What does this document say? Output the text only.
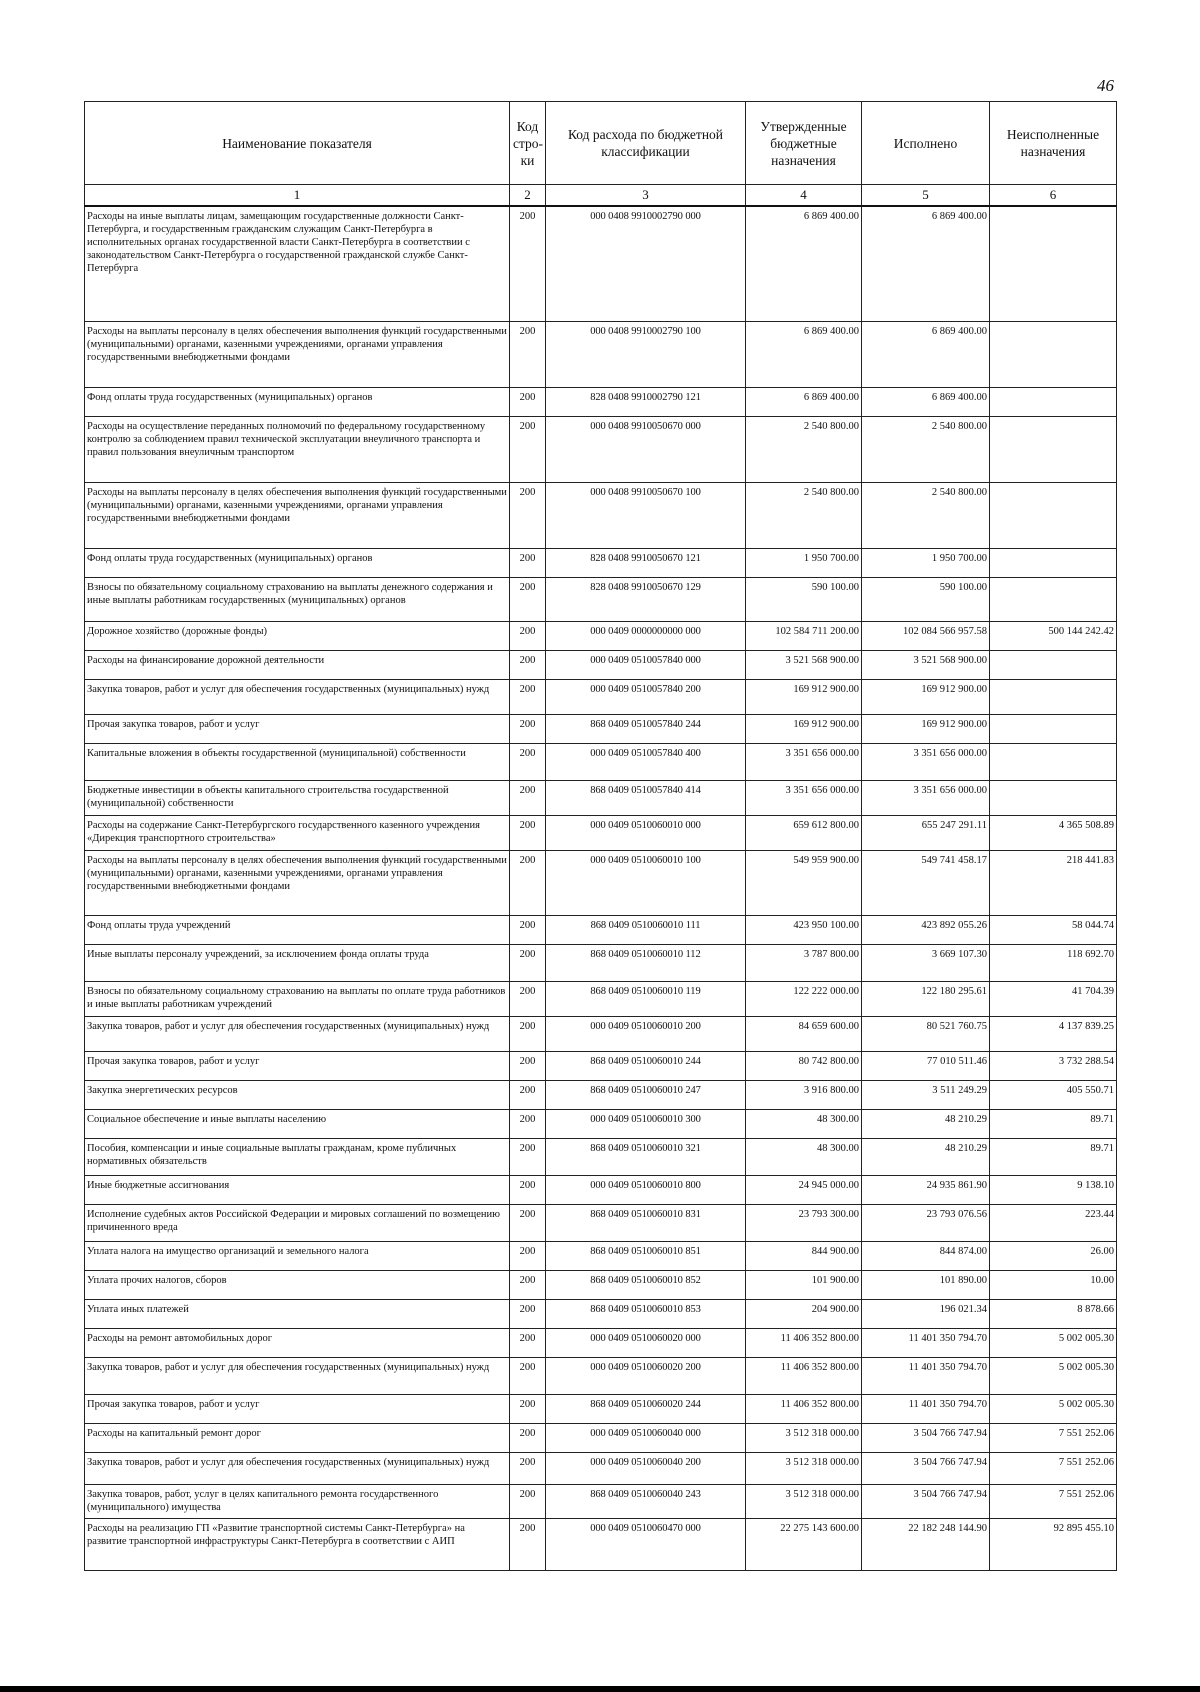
46
Наименование показателя	Код стро-ки	Код расхода по бюджетной классификации	Утвержденные бюджетные назначения	Исполнено	Неисполненные назначения
1	2	3	4	5	6
Расходы на иные выплаты лицам, замещающим государственные должности Санкт-Петербурга, и государственным гражданским служащим Санкт-Петербурга в исполнительных органах государственной власти Санкт-Петербурга в соответствии с законодательством Санкт-Петербурга о государственной гражданской службе Санкт-Петербурга	200	000 0408 9910002790 000	6 869 400.00	6 869 400.00	
Расходы на выплаты персоналу в целях обеспечения выполнения функций государственными (муниципальными) органами, казенными учреждениями, органами управления государственными внебюджетными фондами	200	000 0408 9910002790 100	6 869 400.00	6 869 400.00	
Фонд оплаты труда государственных (муниципальных) органов	200	828 0408 9910002790 121	6 869 400.00	6 869 400.00	
Расходы на осуществление переданных полномочий по федеральному государственному контролю за соблюдением правил технической эксплуатации внеуличного транспорта и правил пользования внеуличным транспортом	200	000 0408 9910050670 000	2 540 800.00	2 540 800.00	
Расходы на выплаты персоналу в целях обеспечения выполнения функций государственными (муниципальными) органами, казенными учреждениями, органами управления государственными внебюджетными фондами	200	000 0408 9910050670 100	2 540 800.00	2 540 800.00	
Фонд оплаты труда государственных (муниципальных) органов	200	828 0408 9910050670 121	1 950 700.00	1 950 700.00	
Взносы по обязательному социальному страхованию на выплаты денежного содержания и иные выплаты работникам государственных (муниципальных) органов	200	828 0408 9910050670 129	590 100.00	590 100.00	
Дорожное хозяйство (дорожные фонды)	200	000 0409 0000000000 000	102 584 711 200.00	102 084 566 957.58	500 144 242.42
Расходы на финансирование дорожной деятельности	200	000 0409 0510057840 000	3 521 568 900.00	3 521 568 900.00	
Закупка товаров, работ и услуг для обеспечения государственных (муниципальных) нужд	200	000 0409 0510057840 200	169 912 900.00	169 912 900.00	
Прочая закупка товаров, работ и услуг	200	868 0409 0510057840 244	169 912 900.00	169 912 900.00	
Капитальные вложения в объекты государственной (муниципальной) собственности	200	000 0409 0510057840 400	3 351 656 000.00	3 351 656 000.00	
Бюджетные инвестиции в объекты капитального строительства государственной (муниципальной) собственности	200	868 0409 0510057840 414	3 351 656 000.00	3 351 656 000.00	
Расходы на содержание Санкт-Петербургского государственного казенного учреждения «Дирекция транспортного строительства»	200	000 0409 0510060010 000	659 612 800.00	655 247 291.11	4 365 508.89
Расходы на выплаты персоналу в целях обеспечения выполнения функций государственными (муниципальными) органами, казенными учреждениями, органами управления государственными внебюджетными фондами	200	000 0409 0510060010 100	549 959 900.00	549 741 458.17	218 441.83
Фонд оплаты труда учреждений	200	868 0409 0510060010 111	423 950 100.00	423 892 055.26	58 044.74
Иные выплаты персоналу учреждений, за исключением фонда оплаты труда	200	868 0409 0510060010 112	3 787 800.00	3 669 107.30	118 692.70
Взносы по обязательному социальному страхованию на выплаты по оплате труда работников и иные выплаты работникам учреждений	200	868 0409 0510060010 119	122 222 000.00	122 180 295.61	41 704.39
Закупка товаров, работ и услуг для обеспечения государственных (муниципальных) нужд	200	000 0409 0510060010 200	84 659 600.00	80 521 760.75	4 137 839.25
Прочая закупка товаров, работ и услуг	200	868 0409 0510060010 244	80 742 800.00	77 010 511.46	3 732 288.54
Закупка энергетических ресурсов	200	868 0409 0510060010 247	3 916 800.00	3 511 249.29	405 550.71
Социальное обеспечение и иные выплаты населению	200	000 0409 0510060010 300	48 300.00	48 210.29	89.71
Пособия, компенсации и иные социальные выплаты гражданам, кроме публичных нормативных обязательств	200	868 0409 0510060010 321	48 300.00	48 210.29	89.71
Иные бюджетные ассигнования	200	000 0409 0510060010 800	24 945 000.00	24 935 861.90	9 138.10
Исполнение судебных актов Российской Федерации и мировых соглашений по возмещению причиненного вреда	200	868 0409 0510060010 831	23 793 300.00	23 793 076.56	223.44
Уплата налога на имущество организаций и земельного налога	200	868 0409 0510060010 851	844 900.00	844 874.00	26.00
Уплата прочих налогов, сборов	200	868 0409 0510060010 852	101 900.00	101 890.00	10.00
Уплата иных платежей	200	868 0409 0510060010 853	204 900.00	196 021.34	8 878.66
Расходы на ремонт автомобильных дорог	200	000 0409 0510060020 000	11 406 352 800.00	11 401 350 794.70	5 002 005.30
Закупка товаров, работ и услуг для обеспечения государственных (муниципальных) нужд	200	000 0409 0510060020 200	11 406 352 800.00	11 401 350 794.70	5 002 005.30
Прочая закупка товаров, работ и услуг	200	868 0409 0510060020 244	11 406 352 800.00	11 401 350 794.70	5 002 005.30
Расходы на капитальный ремонт дорог	200	000 0409 0510060040 000	3 512 318 000.00	3 504 766 747.94	7 551 252.06
Закупка товаров, работ и услуг для обеспечения государственных (муниципальных) нужд	200	000 0409 0510060040 200	3 512 318 000.00	3 504 766 747.94	7 551 252.06
Закупка товаров, работ, услуг в целях капитального ремонта государственного (муниципального) имущества	200	868 0409 0510060040 243	3 512 318 000.00	3 504 766 747.94	7 551 252.06
Расходы на реализацию ГП «Развитие транспортной системы Санкт-Петербурга» на развитие транспортной инфраструктуры Санкт-Петербурга в соответствии с АИП	200	000 0409 0510060470 000	22 275 143 600.00	22 182 248 144.90	92 895 455.10
